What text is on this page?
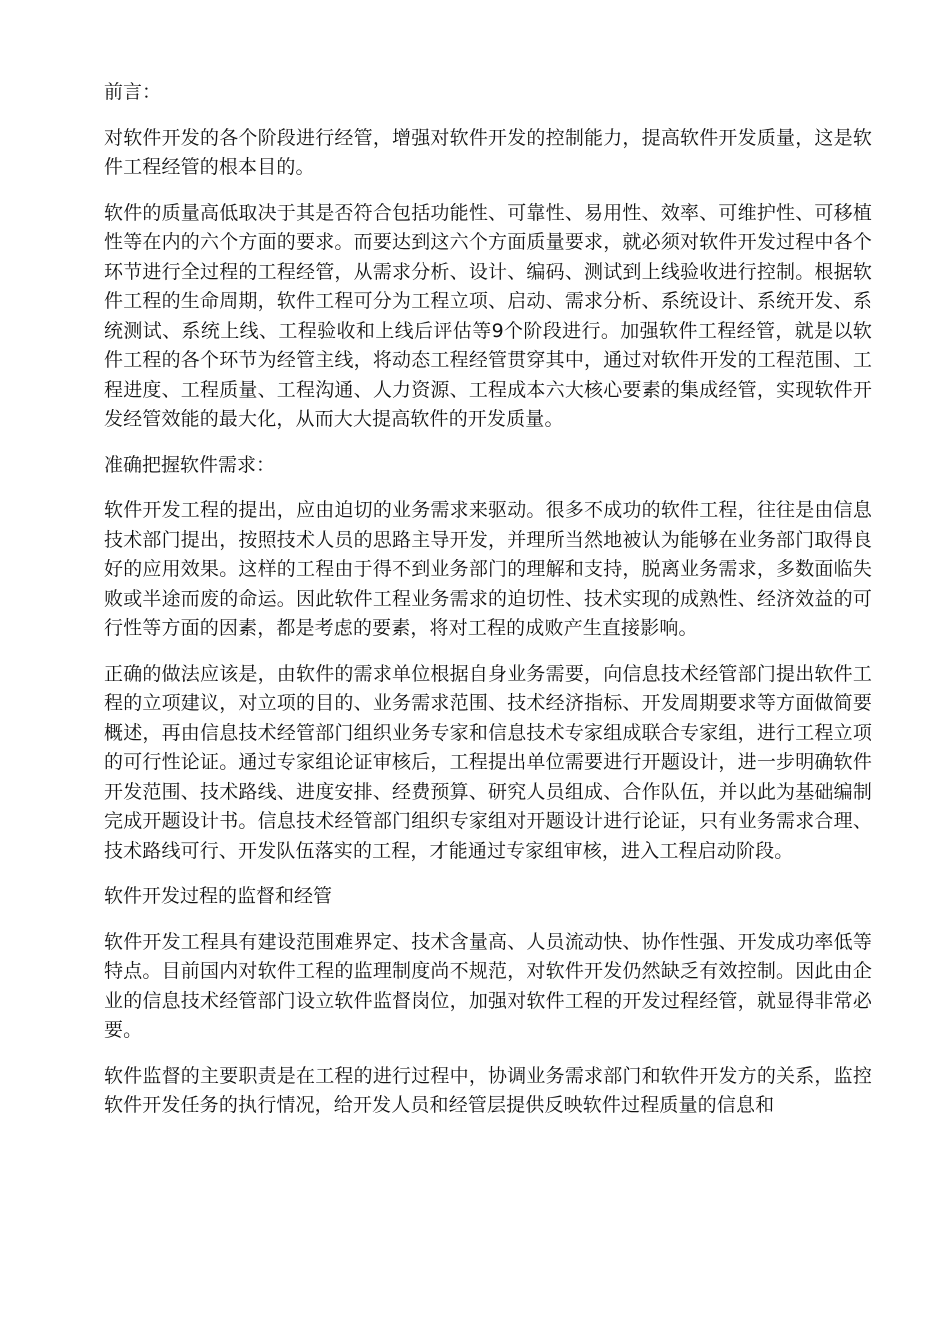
前言：

对软件开发的各个阶段进行经管，增强对软件开发的控制能力，提高软件开发质量，这是软件工程经管的根本目的。

软件的质量高低取决于其是否符合包括功能性、可靠性、易用性、效率、可维护性、可移植性等在内的六个方面的要求。而要达到这六个方面质量要求，就必须对软件开发过程中各个环节进行全过程的工程经管，从需求分析、设计、编码、测试到上线验收进行控制。根据软件工程的生命周期，软件工程可分为工程立项、启动、需求分析、系统设计、系统开发、系统测试、系统上线、工程验收和上线后评估等9个阶段进行。加强软件工程经管，就是以软件工程的各个环节为经管主线，将动态工程经管贯穿其中，通过对软件开发的工程范围、工程进度、工程质量、工程沟通、人力资源、工程成本六大核心要素的集成经管，实现软件开发经管效能的最大化，从而大大提高软件的开发质量。

准确把握软件需求：

软件开发工程的提出，应由迫切的业务需求来驱动。很多不成功的软件工程，往往是由信息技术部门提出，按照技术人员的思路主导开发，并理所当然地被认为能够在业务部门取得良好的应用效果。这样的工程由于得不到业务部门的理解和支持，脱离业务需求，多数面临失败或半途而废的命运。因此软件工程业务需求的迫切性、技术实现的成熟性、经济效益的可行性等方面的因素，都是考虑的要素，将对工程的成败产生直接影响。

正确的做法应该是，由软件的需求单位根据自身业务需要，向信息技术经管部门提出软件工程的立项建议，对立项的目的、业务需求范围、技术经济指标、开发周期要求等方面做简要概述，再由信息技术经管部门组织业务专家和信息技术专家组成联合专家组，进行工程立项的可行性论证。通过专家组论证审核后，工程提出单位需要进行开题设计，进一步明确软件开发范围、技术路线、进度安排、经费预算、研究人员组成、合作队伍，并以此为基础编制完成开题设计书。信息技术经管部门组织专家组对开题设计进行论证，只有业务需求合理、技术路线可行、开发队伍落实的工程，才能通过专家组审核，进入工程启动阶段。

软件开发过程的监督和经管

软件开发工程具有建设范围难界定、技术含量高、人员流动快、协作性强、开发成功率低等特点。目前国内对软件工程的监理制度尚不规范，对软件开发仍然缺乏有效控制。因此由企业的信息技术经管部门设立软件监督岗位，加强对软件工程的开发过程经管，就显得非常必要。

软件监督的主要职责是在工程的进行过程中，协调业务需求部门和软件开发方的关系，监控软件开发任务的执行情况，给开发人员和经管层提供反映软件过程质量的信息和
